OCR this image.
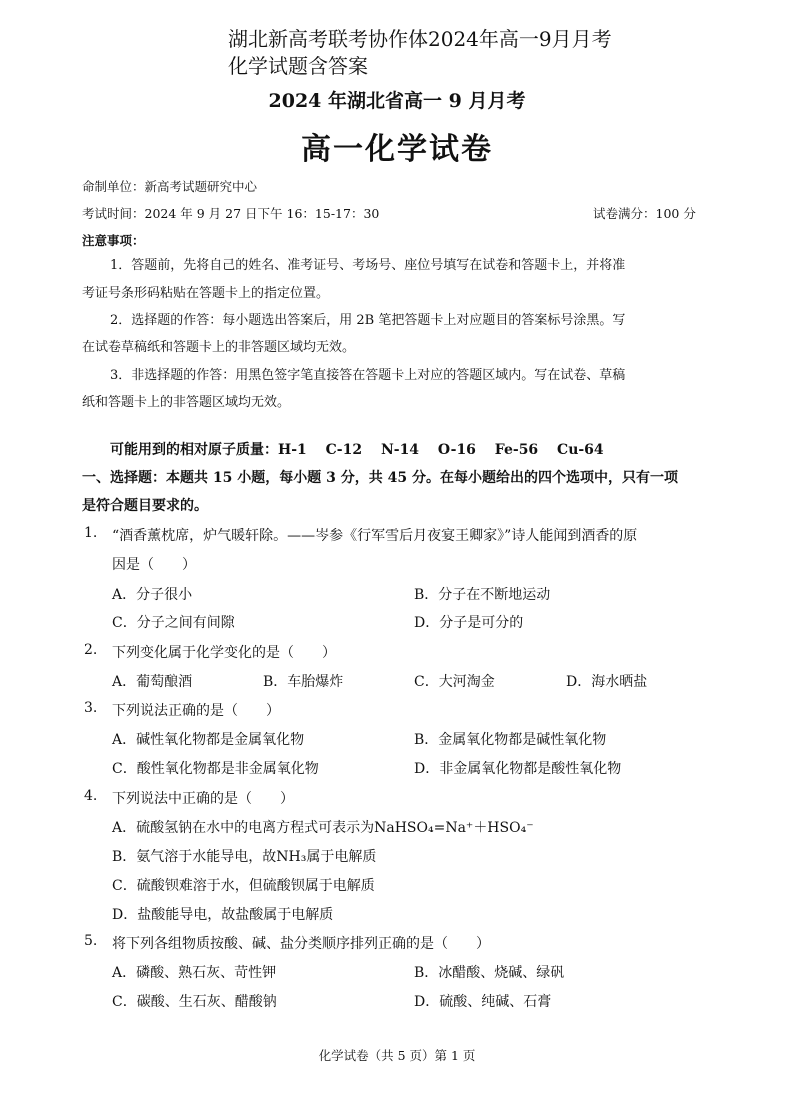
湖北新高考联考协作体2024年高一9月月考化学试题含答案
2024 年湖北省高一 9 月月考
高一化学试卷
命制单位：新高考试题研究中心
考试时间：2024 年 9 月 27 日下午 16：15-17：30	试卷满分：100 分
注意事项：
1．答题前，先将自己的姓名、准考证号、考场号、座位号填写在试卷和答题卡上，并将准
考证号条形码粘贴在答题卡上的指定位置。
2．选择题的作答：每小题选出答案后，用 2B 笔把答题卡上对应题目的答案标号涂黑。写
在试卷草稿纸和答题卡上的非答题区域均无效。
3．非选择题的作答：用黑色签字笔直接答在答题卡上对应的答题区域内。写在试卷、草稿
纸和答题卡上的非答题区域均无效。
可能用到的相对原子质量：H-1　 C-12　 N-14　 O-16　 Fe-56　 Cu-64
一、选择题：本题共 15 小题，每小题 3 分，共 45 分。在每小题给出的四个选项中，只有一项
是符合题目要求的。
1. “酒香薰枕席，炉气暖轩除。——岑参《行军雪后月夜宴王卿家》”诗人能闻到酒香的原
因是（　　）
A．分子很小	B．分子在不断地运动
C．分子之间有间隙	D．分子是可分的
2. 下列变化属于化学变化的是（　　）
A．葡萄酿酒	B．车胎爆炸	C．大河淘金	D．海水晒盐
3. 下列说法正确的是（　　）
A．碱性氧化物都是金属氧化物	B．金属氧化物都是碱性氧化物
C．酸性氧化物都是非金属氧化物	D．非金属氧化物都是酸性氧化物
4. 下列说法中正确的是（　　）
A．硫酸氢钠在水中的电离方程式可表示为NaHSO₄=Na⁺＋HSO₄⁻
B．氨气溶于水能导电，故NH₃属于电解质
C．硫酸钡难溶于水，但硫酸钡属于电解质
D．盐酸能导电，故盐酸属于电解质
5. 将下列各组物质按酸、碱、盐分类顺序排列正确的是（　　）
A．磷酸、熟石灰、苛性钾	B．冰醋酸、烧碱、绿矾
C．碳酸、生石灰、醋酸钠	D．硫酸、纯碱、石膏
化学试卷（共 5 页）第 1 页
